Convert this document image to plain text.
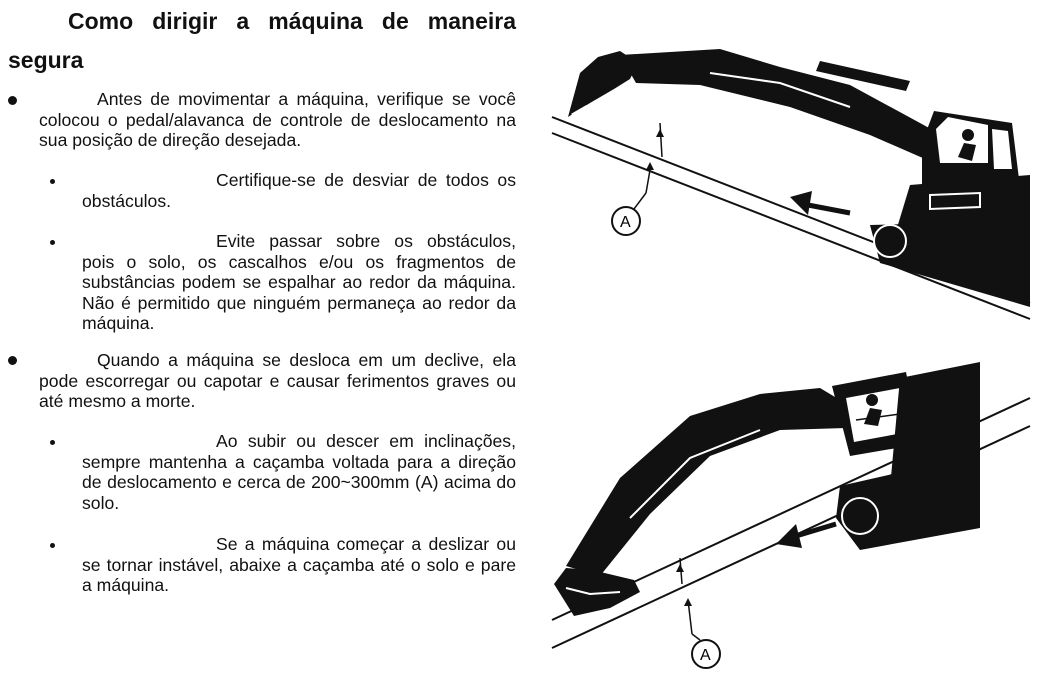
Como dirigir a máquina de maneira segura

Antes de movimentar a máquina, verifique se você colocou o pedal/alavanca de controle de deslocamento na sua posição de direção desejada.

Certifique-se de desviar de todos os obstáculos.

Evite passar sobre os obstáculos, pois o solo, os cascalhos e/ou os fragmentos de substâncias podem se espalhar ao redor da máquina. Não é permitido que ninguém permaneça ao redor da máquina.

Quando a máquina se desloca em um declive, ela pode escorregar ou capotar e causar ferimentos graves ou até mesmo a morte.

Ao subir ou descer em inclinações, sempre mantenha a caçamba voltada para a direção de deslocamento e cerca de 200~300mm (A) acima do solo.

Se a máquina começar a deslizar ou se tornar instável, abaixe a caçamba até o solo e pare a máquina.

A
A
